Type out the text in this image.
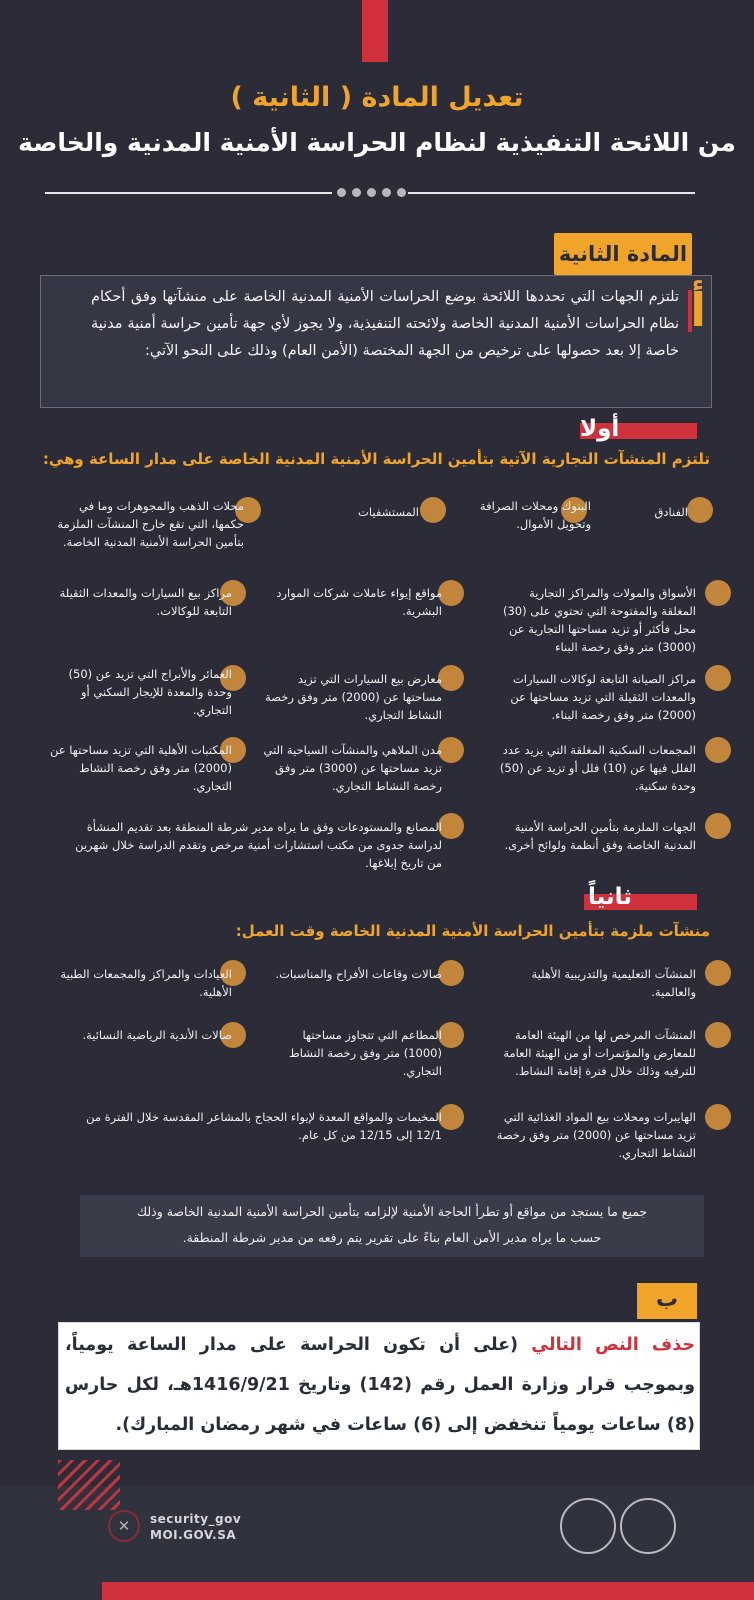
تعديل المادة ( الثانية )
من اللائحة التنفيذية لنظام الحراسة الأمنية المدنية والخاصة
المادة الثانية
أ
تلتزم الجهات التي تحددها اللائحة بوضع الحراسات الأمنية المدنية الخاصة على منشآتها وفق أحكام نظام الحراسات الأمنية المدنية الخاصة ولائحته التنفيذية، ولا يجوز لأي جهة تأمين حراسة أمنية مدنية خاصة إلا بعد حصولها على ترخيص من الجهة المختصة (الأمن العام) وذلك على النحو الآتي:
أولا
تلتزم المنشآت التجارية الآتية بتأمين الحراسة الأمنية المدنية الخاصة على مدار الساعة وهي:
الفنادق
البنوك ومحلات الصرافة وتحويل الأموال.
المستشفيات
محلات الذهب والمجوهرات وما في حكمها، التي تقع خارج المنشآت الملزمة بتأمين الحراسة الأمنية المدنية الخاصة.
الأسواق والمولات والمراكز التجارية المغلقة والمفتوحة التي تحتوي على (30) محل فأكثر أو تزيد مساحتها التجارية عن (3000) متر وفق رخصة البناء
مواقع إيواء عاملات شركات الموارد البشرية.
مراكز بيع السيارات والمعدات الثقيلة التابعة للوكالات.
مراكز الصيانة التابعة لوكالات السيارات والمعدات الثقيلة التي تزيد مساحتها عن (2000) متر وفق رخصة البناء.
معارض بيع السيارات التي تزيد مساحتها عن (2000) متر وفق رخصة النشاط التجاري.
العمائر والأبراج التي تزيد عن (50) وحدة والمعدة للإيجار السكني أو التجاري.
المجمعات السكنية المغلقة التي يزيد عدد الفلل فيها عن (10) فلل أو تزيد عن (50) وحدة سكنية.
مدن الملاهي والمنشآت السياحية التي تزيد مساحتها عن (3000) متر وفق رخصة النشاط التجاري.
المكتبات الأهلية التي تزيد مساحتها عن (2000) متر وفق رخصة النشاط التجاري.
الجهات الملزمة بتأمين الحراسة الأمنية المدنية الخاصة وفق أنظمة ولوائح أخرى.
المصانع والمستودعات وفق ما يراه مدير شرطة المنطقة بعد تقديم المنشأة لدراسة جدوى من مكتب استشارات أمنية مرخص وتقدم الدراسة خلال شهرين من تاريخ إبلاغها.
ثانياً
منشآت ملزمة بتأمين الحراسة الأمنية المدنية الخاصة وقت العمل:
المنشآت التعليمية والتدريبية الأهلية والعالمية.
صالات وقاعات الأفراح والمناسبات.
العيادات والمراكز والمجمعات الطبية الأهلية.
المنشآت المرخص لها من الهيئة العامة للمعارض والمؤتمرات أو من الهيئة العامة للترفيه وذلك خلال فترة إقامة النشاط.
المطاعم التي تتجاوز مساحتها (1000) متر وفق رخصة النشاط التجاري.
صالات الأندية الرياضية النسائية.
الهايبرات ومحلات بيع المواد الغذائية التي تزيد مساحتها عن (2000) متر وفق رخصة النشاط التجاري.
المخيمات والمواقع المعدة لإيواء الحجاج بالمشاعر المقدسة خلال الفترة من 12/1 إلى 12/15 من كل عام.
جميع ما يستجد من مواقع أو تطرأ الحاجة الأمنية لإلزامه بتأمين الحراسة الأمنية المدنية الخاصة وذلك
حسب ما يراه مدير الأمن العام بناءً على تقرير يتم رفعه من مدير شرطة المنطقة.
ب
حذف النص التالي (على أن تكون الحراسة على مدار الساعة يومياً، وبموجب قرار وزارة العمل رقم (142) وتاريخ 1416/9/21هـ، لكل حارس (8) ساعات يومياً تنخفض إلى (6) ساعات في شهر رمضان المبارك).
✕	security_gov
MOI.GOV.SA
